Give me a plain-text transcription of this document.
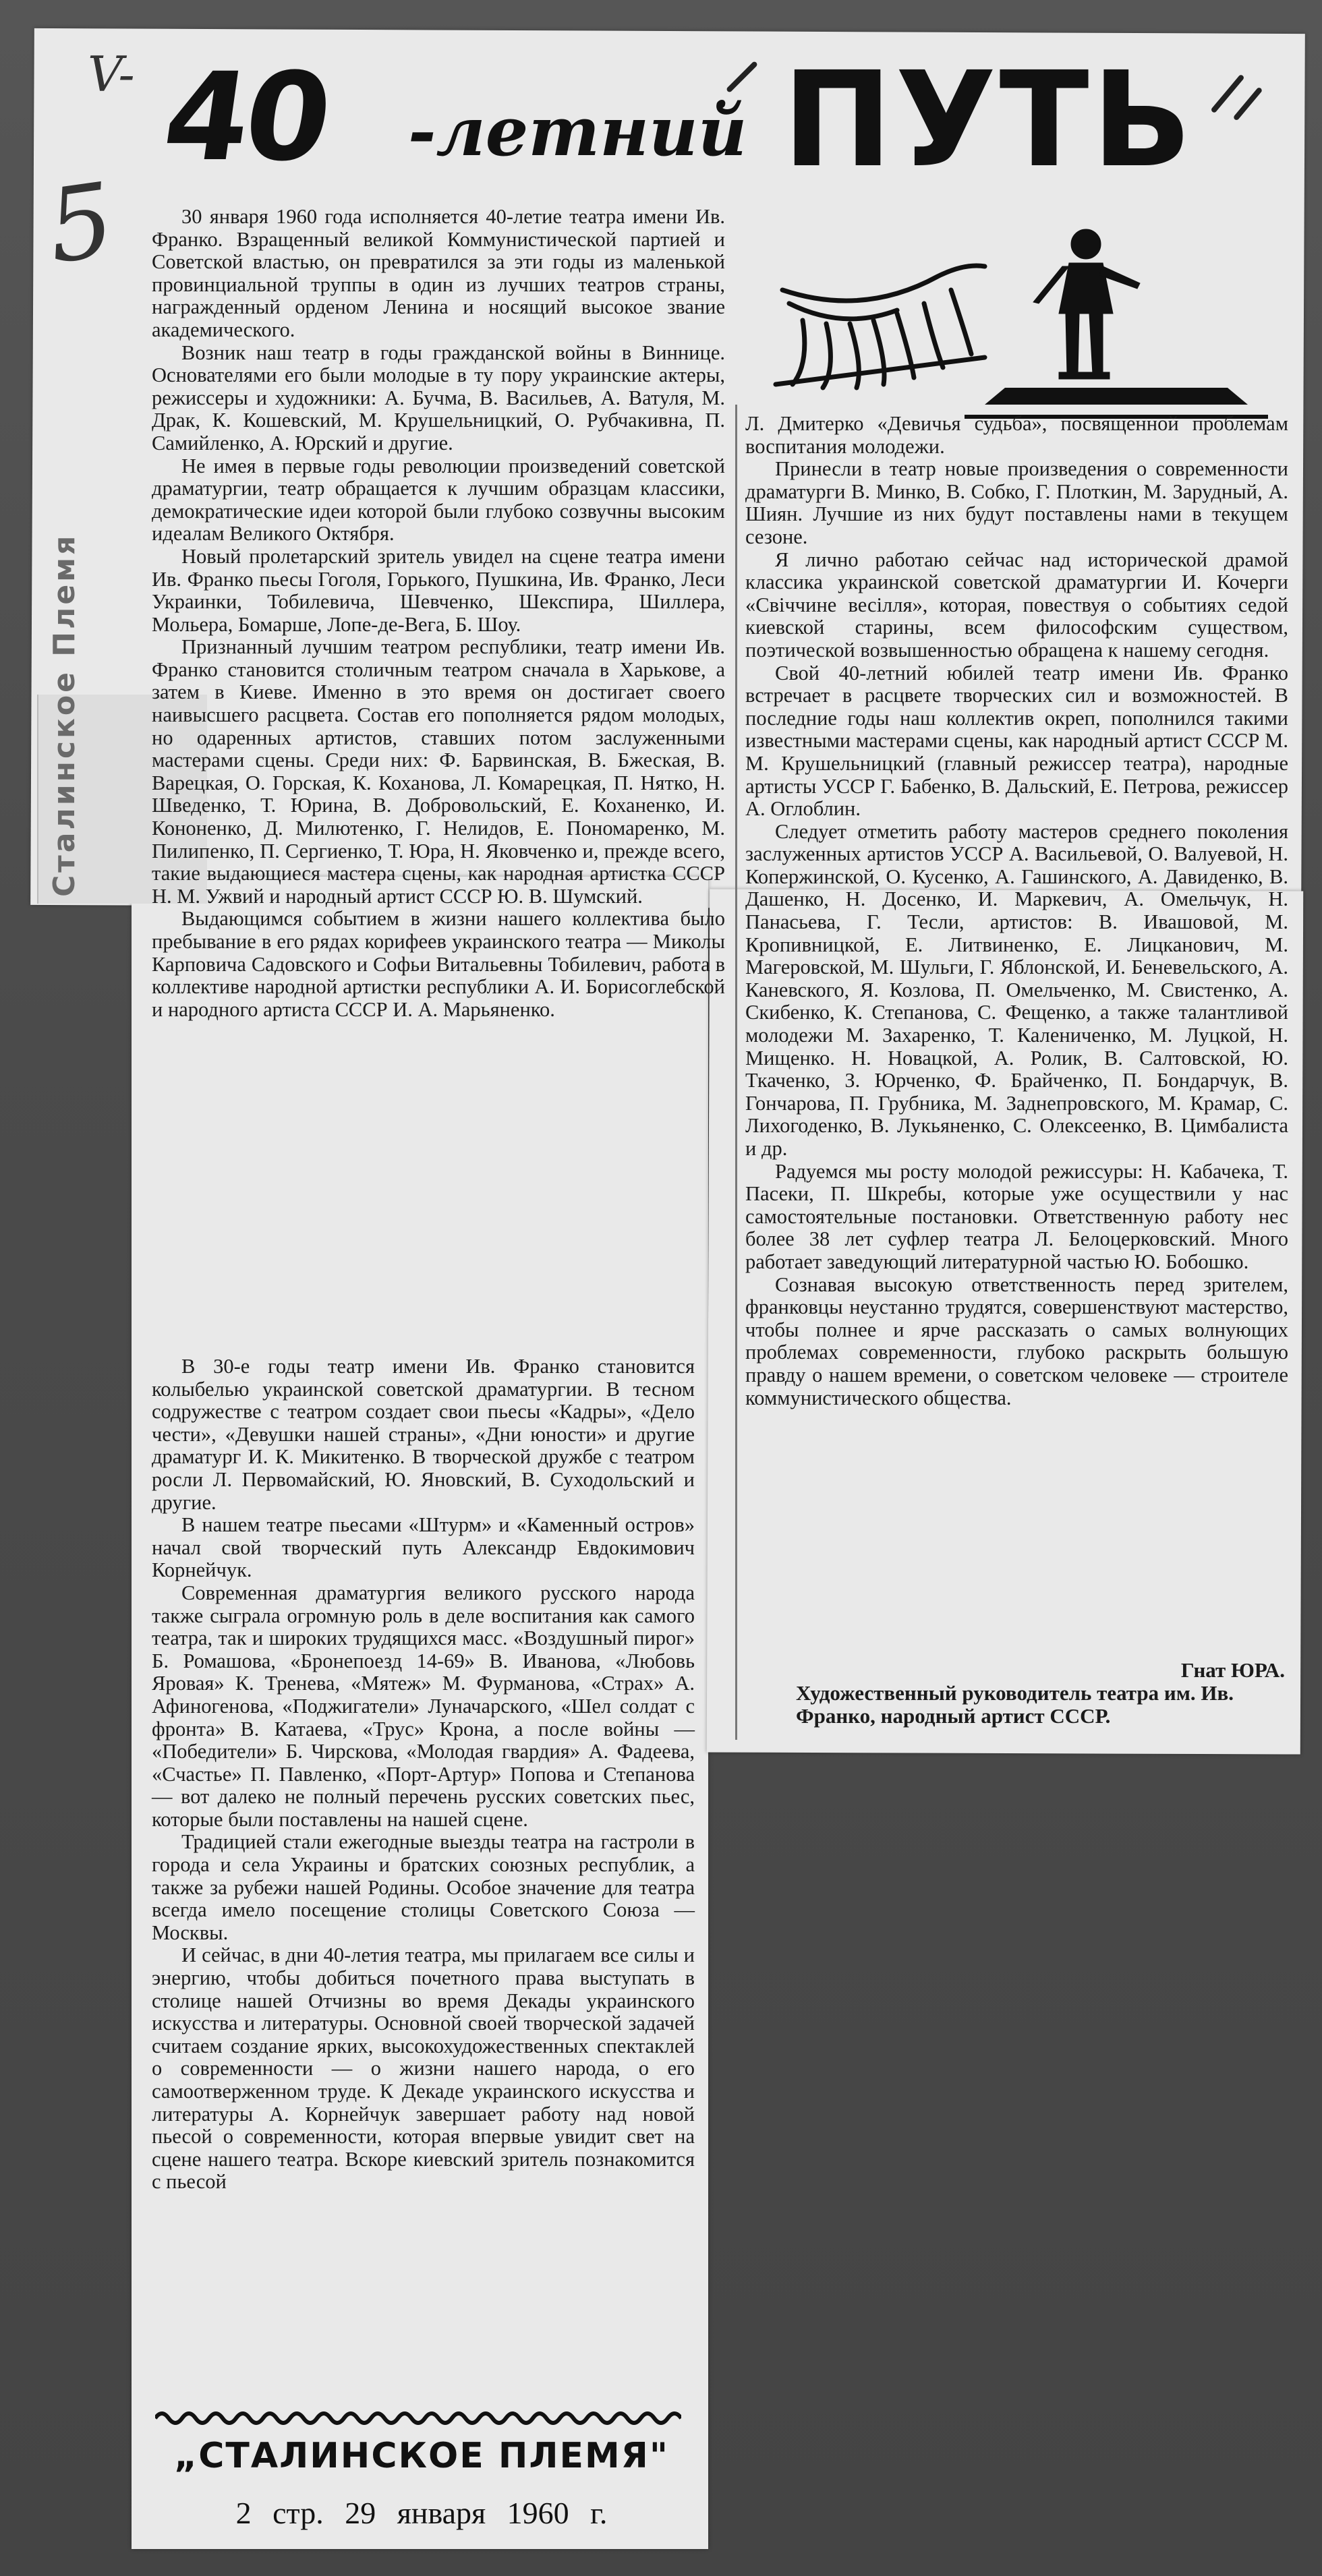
Сталинское Племя
V-
5
40 -летний ПУТЬ

30 января 1960 года исполняется 40-летие театра имени Ив. Франко. Взращенный великой Коммунистической партией и Советской властью, он превратился за эти годы из маленькой провинциальной труппы в один из лучших театров страны, награжденный орденом Ленина и носящий высокое звание академического.

Возник наш театр в годы гражданской войны в Виннице. Основателями его были молодые в ту пору украинские актеры, режиссеры и художники: А. Бучма, В. Васильев, А. Ватуля, М. Драк, К. Кошевский, М. Крушельницкий, О. Рубчакивна, П. Самийленко, А. Юрский и другие.

Не имея в первые годы революции произведений советской драматургии, театр обращается к лучшим образцам классики, демократические идеи которой были глубоко созвучны высоким идеалам Великого Октября.

Новый пролетарский зритель увидел на сцене театра имени Ив. Франко пьесы Гоголя, Горького, Пушкина, Ив. Франко, Леси Украинки, Тобилевича, Шевченко, Шекспира, Шиллера, Мольера, Бомарше, Лопе-де-Вега, Б. Шоу.

Признанный лучшим театром республики, театр имени Ив. Франко становится столичным театром сначала в Харькове, а затем в Киеве. Именно в это время он достигает своего наивысшего расцвета. Состав его пополняется рядом молодых, но одаренных артистов, ставших потом заслуженными мастерами сцены. Среди них: Ф. Барвинская, В. Бжеская, В. Варецкая, О. Горская, К. Коханова, Л. Комарецкая, П. Нятко, Н. Шведенко, Т. Юрина, В. Добровольский, Е. Коханенко, И. Кононенко, Д. Милютенко, Г. Нелидов, Е. Пономаренко, М. Пилипенко, П. Сергиенко, Т. Юра, Н. Яковченко и, прежде всего, такие выдающиеся мастера сцены, как народная артистка СССР Н. М. Ужвий и народный артист СССР Ю. В. Шумский.

Выдающимся событием в жизни нашего коллектива было пребывание в его рядах корифеев украинского театра — Миколы Карповича Садовского и Софьи Витальевны Тобилевич, работа в коллективе народной артистки республики А. И. Борисоглебской и народного артиста СССР И. А. Марьяненко.

В 30-е годы театр имени Ив. Франко становится колыбелью украинской советской драматургии. В тесном содружестве с театром создает свои пьесы «Кадры», «Дело чести», «Девушки нашей страны», «Дни юности» и другие драматург И. К. Микитенко. В творческой дружбе с театром росли Л. Первомайский, Ю. Яновский, В. Суходольский и другие.

В нашем театре пьесами «Штурм» и «Каменный остров» начал свой творческий путь Александр Евдокимович Корнейчук.

Современная драматургия великого русского народа также сыграла огромную роль в деле воспитания как самого театра, так и широких трудящихся масс. «Воздушный пирог» Б. Ромашова, «Бронепоезд 14-69» В. Иванова, «Любовь Яровая» К. Тренева, «Мятеж» М. Фурманова, «Страх» А. Афиногенова, «Поджигатели» Луначарского, «Шел солдат с фронта» В. Катаева, «Трус» Крона, а после войны — «Победители» Б. Чирскова, «Молодая гвардия» А. Фадеева, «Счастье» П. Павленко, «Порт-Артур» Попова и Степанова — вот далеко не полный перечень русских советских пьес, которые были поставлены на нашей сцене.

Традицией стали ежегодные выезды театра на гастроли в города и села Украины и братских союзных республик, а также за рубежи нашей Родины. Особое значение для театра всегда имело посещение столицы Советского Союза — Москвы.

И сейчас, в дни 40-летия театра, мы прилагаем все силы и энергию, чтобы добиться почетного права выступать в столице нашей Отчизны во время Декады украинского искусства и литературы. Основной своей творческой задачей считаем создание ярких, высокохудожественных спектаклей о современности — о жизни нашего народа, о его самоотверженном труде. К Декаде украинского искусства и литературы А. Корнейчук завершает работу над новой пьесой о современности, которая впервые увидит свет на сцене нашего театра. Вскоре киевский зритель познакомится с пьесой

Л. Дмитерко «Девичья судьба», посвященной проблемам воспитания молодежи.

Принесли в театр новые произведения о современности драматурги В. Минко, В. Собко, Г. Плоткин, М. Зарудный, А. Шиян. Лучшие из них будут поставлены нами в текущем сезоне.

Я лично работаю сейчас над исторической драмой классика украинской советской драматургии И. Кочерги «Свiччине весiлля», которая, повествуя о событиях седой киевской старины, всем философским существом, поэтической возвышенностью обращена к нашему сегодня.

Свой 40-летний юбилей театр имени Ив. Франко встречает в расцвете творческих сил и возможностей. В последние годы наш коллектив окреп, пополнился такими известными мастерами сцены, как народный артист СССР М. М. Крушельницкий (главный режиссер театра), народные артисты УССР Г. Бабенко, В. Дальский, Е. Петрова, режиссер А. Оглоблин.

Следует отметить работу мастеров среднего поколения заслуженных артистов УССР А. Васильевой, О. Валуевой, Н. Копержинской, О. Кусенко, А. Гашинского, А. Давиденко, В. Дашенко, Н. Досенко, И. Маркевич, А. Омельчук, Н. Панасьева, Г. Тесли, артистов: В. Ивашовой, М. Кропивницкой, Е. Литвиненко, Е. Лицканович, М. Магеровской, М. Шульги, Г. Яблонской, И. Беневельского, А. Каневского, Я. Козлова, П. Омельченко, М. Свистенко, А. Скибенко, К. Степанова, С. Фещенко, а также талантливой молодежи М. Захаренко, Т. Калениченко, М. Луцкой, Н. Мищенко. Н. Новацкой, А. Ролик, В. Салтовской, Ю. Ткаченко, З. Юрченко, Ф. Брайченко, П. Бондарчук, В. Гончарова, П. Грубника, М. Заднепровского, М. Крамар, С. Лихогоденко, В. Лукьяненко, С. Олексеенко, В. Цимбалиста и др.

Радуемся мы росту молодой режиссуры: Н. Кабачека, Т. Пасеки, П. Шкребы, которые уже осуществили у нас самостоятельные постановки. Ответственную работу нес более 38 лет суфлер театра Л. Белоцерковский. Много работает заведующий литературной частью Ю. Бобошко.

Сознавая высокую ответственность перед зрителем, франковцы неустанно трудятся, совершенствуют мастерство, чтобы полнее и ярче рассказать о самых волнующих проблемах современности, глубоко раскрыть большую правду о нашем времени, о советском человеке — строителе коммунистического общества.

Гнат ЮРА.
Художественный руководитель театра им. Ив. Франко, народный артист СССР.
„СТАЛИНСКОЕ ПЛЕМЯ"
2 стр. 29 января 1960 г.
